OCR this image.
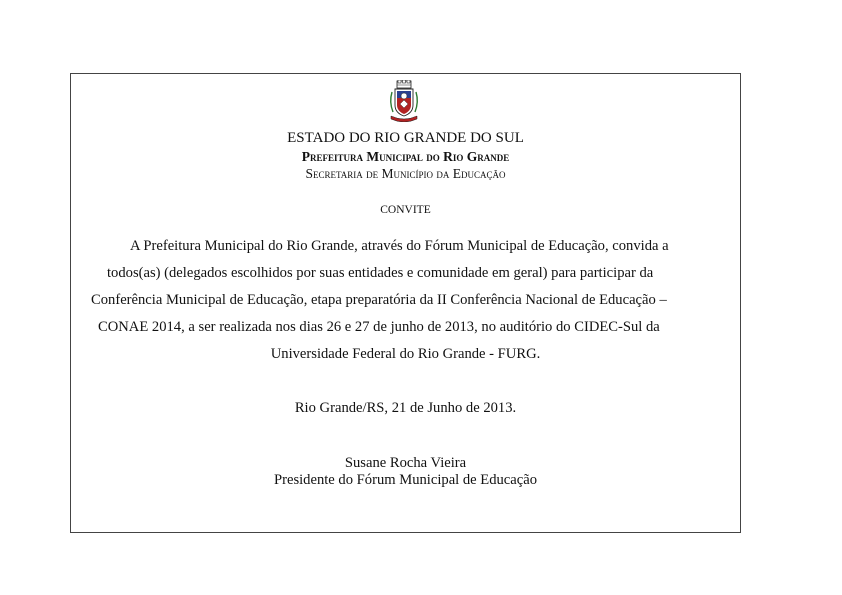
ESTADO DO RIO GRANDE DO SUL
Prefeitura Municipal do Rio Grande
Secretaria de Município da Educação
CONVITE
A Prefeitura Municipal do Rio Grande, através do Fórum Municipal de Educação, convida a
todos(as) (delegados escolhidos por suas entidades e comunidade em geral) para participar da
Conferência Municipal de Educação, etapa preparatória da II Conferência Nacional de Educação –
CONAE 2014, a ser realizada nos dias 26 e 27 de junho de 2013, no auditório do CIDEC-Sul da
Universidade Federal do Rio Grande - FURG.
Rio Grande/RS, 21 de Junho de 2013.
Susane Rocha Vieira
Presidente do Fórum Municipal de Educação
